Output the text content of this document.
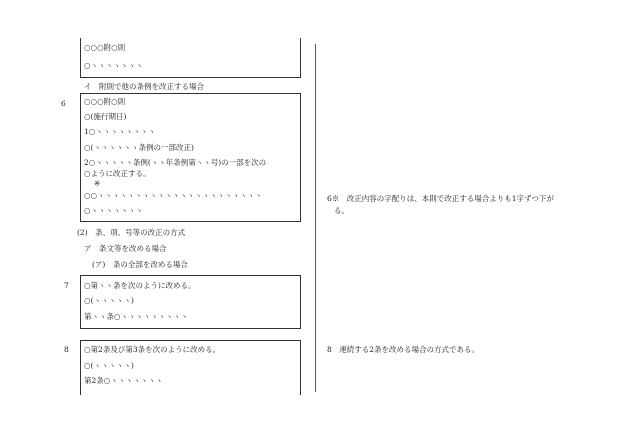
○○○附○則
○ヽヽヽヽヽヽヽ
イ　附則で他の条例を改正する場合
6 ○○○附○則
○(施行期日)
1○ヽヽヽヽヽヽヽヽ
○(ヽヽヽヽヽヽ条例の一部改正)
2○ヽヽヽヽヽ条例(ヽヽ年条例第ヽヽ号)の一部を次の
○ように改正する。
※
○○ヽヽヽヽヽヽヽヽヽヽヽヽヽヽヽヽヽヽヽヽヽヽ
○ヽヽヽヽヽヽヽ
(2)　条、項、号等の改正の方式
ア　条文等を改める場合
(ア)　条の全部を改める場合
7 ○第ヽヽ条を次のように改める。
○(ヽヽヽヽヽ)
第ヽヽ条○ヽヽヽヽヽヽヽヽヽ
8 ○第2条及び第3条を次のように改める。
○(ヽヽヽヽヽ)
第2条○ヽヽヽヽヽヽヽ
6※　改正内容の字配りは、本則で改正する場合よりも1字ずつ下が
る。
8　連続する2条を改める場合の方式である。
